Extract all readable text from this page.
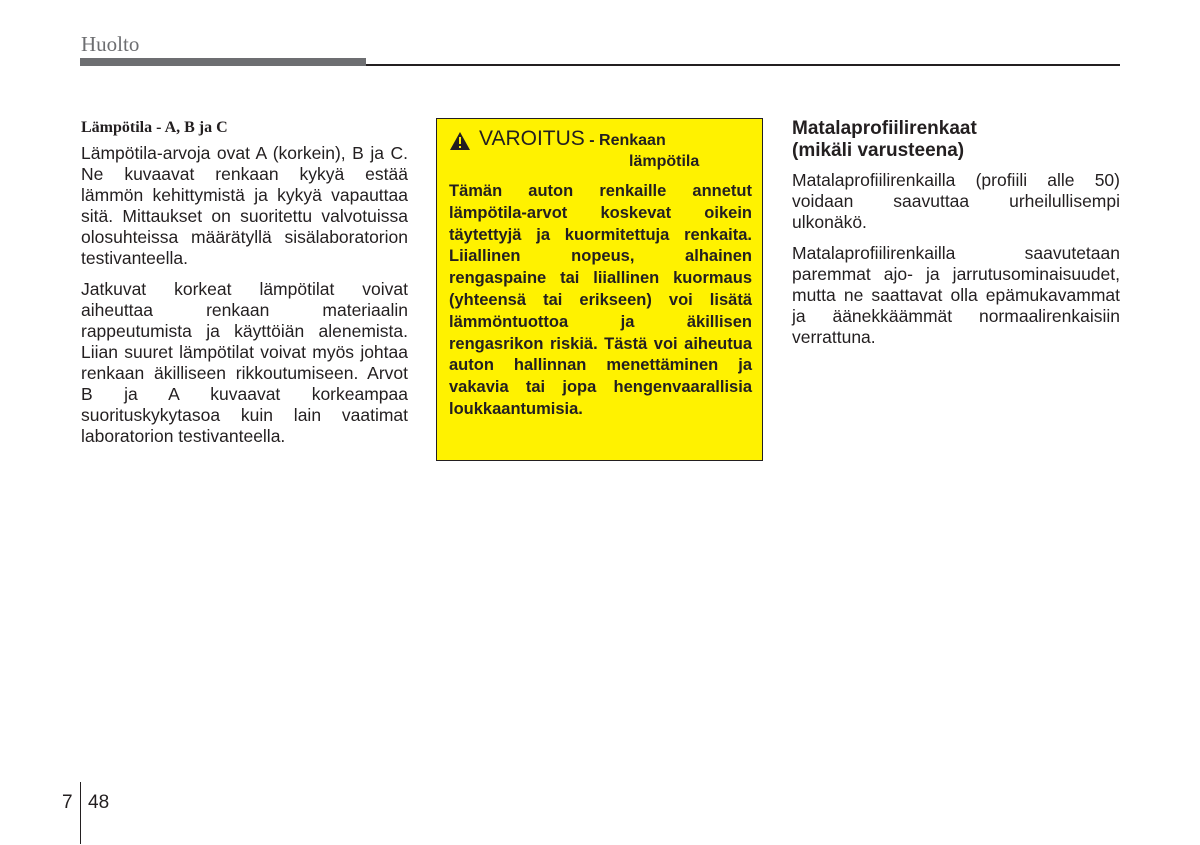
Huolto
Lämpötila - A, B ja C

Lämpötila-arvoja ovat A (korkein), B ja C. Ne kuvaavat renkaan kykyä estää lämmön kehittymistä ja kykyä vapauttaa sitä. Mittaukset on suoritettu valvotuissa olosuhteissa määrätyllä sisälaboratorion testivanteella.

Jatkuvat korkeat lämpötilat voivat aiheuttaa renkaan materiaalin rappeutumista ja käyttöiän alenemista. Liian suuret lämpötilat voivat myös johtaa renkaan äkilliseen rikkoutumiseen. Arvot B ja A kuvaavat korkeampaa suorituskykytasoa kuin lain vaatimat laboratorion testivanteella.

VAROITUS - Renkaan
lämpötila
Tämän auton renkaille annetut lämpötila-arvot koskevat oikein täytettyjä ja kuormitettuja renkaita. Liiallinen nopeus, alhainen rengaspaine tai liiallinen kuormaus (yhteensä tai erikseen) voi lisätä lämmöntuottoa ja äkillisen rengasrikon riskiä. Tästä voi aiheutua auton hallinnan menettäminen ja vakavia tai jopa hengenvaarallisia loukkaantumisia.
Matalaprofiilirenkaat
(mikäli varusteena)

Matalaprofiilirenkailla (profiili alle 50) voidaan saavuttaa urheilullisempi ulkonäkö.

Matalaprofiilirenkailla saavutetaan paremmat ajo- ja jarrutusominaisuudet, mutta ne saattavat olla epämukavammat ja äänekkäämmät normaalirenkaisiin verrattuna.

7 48
